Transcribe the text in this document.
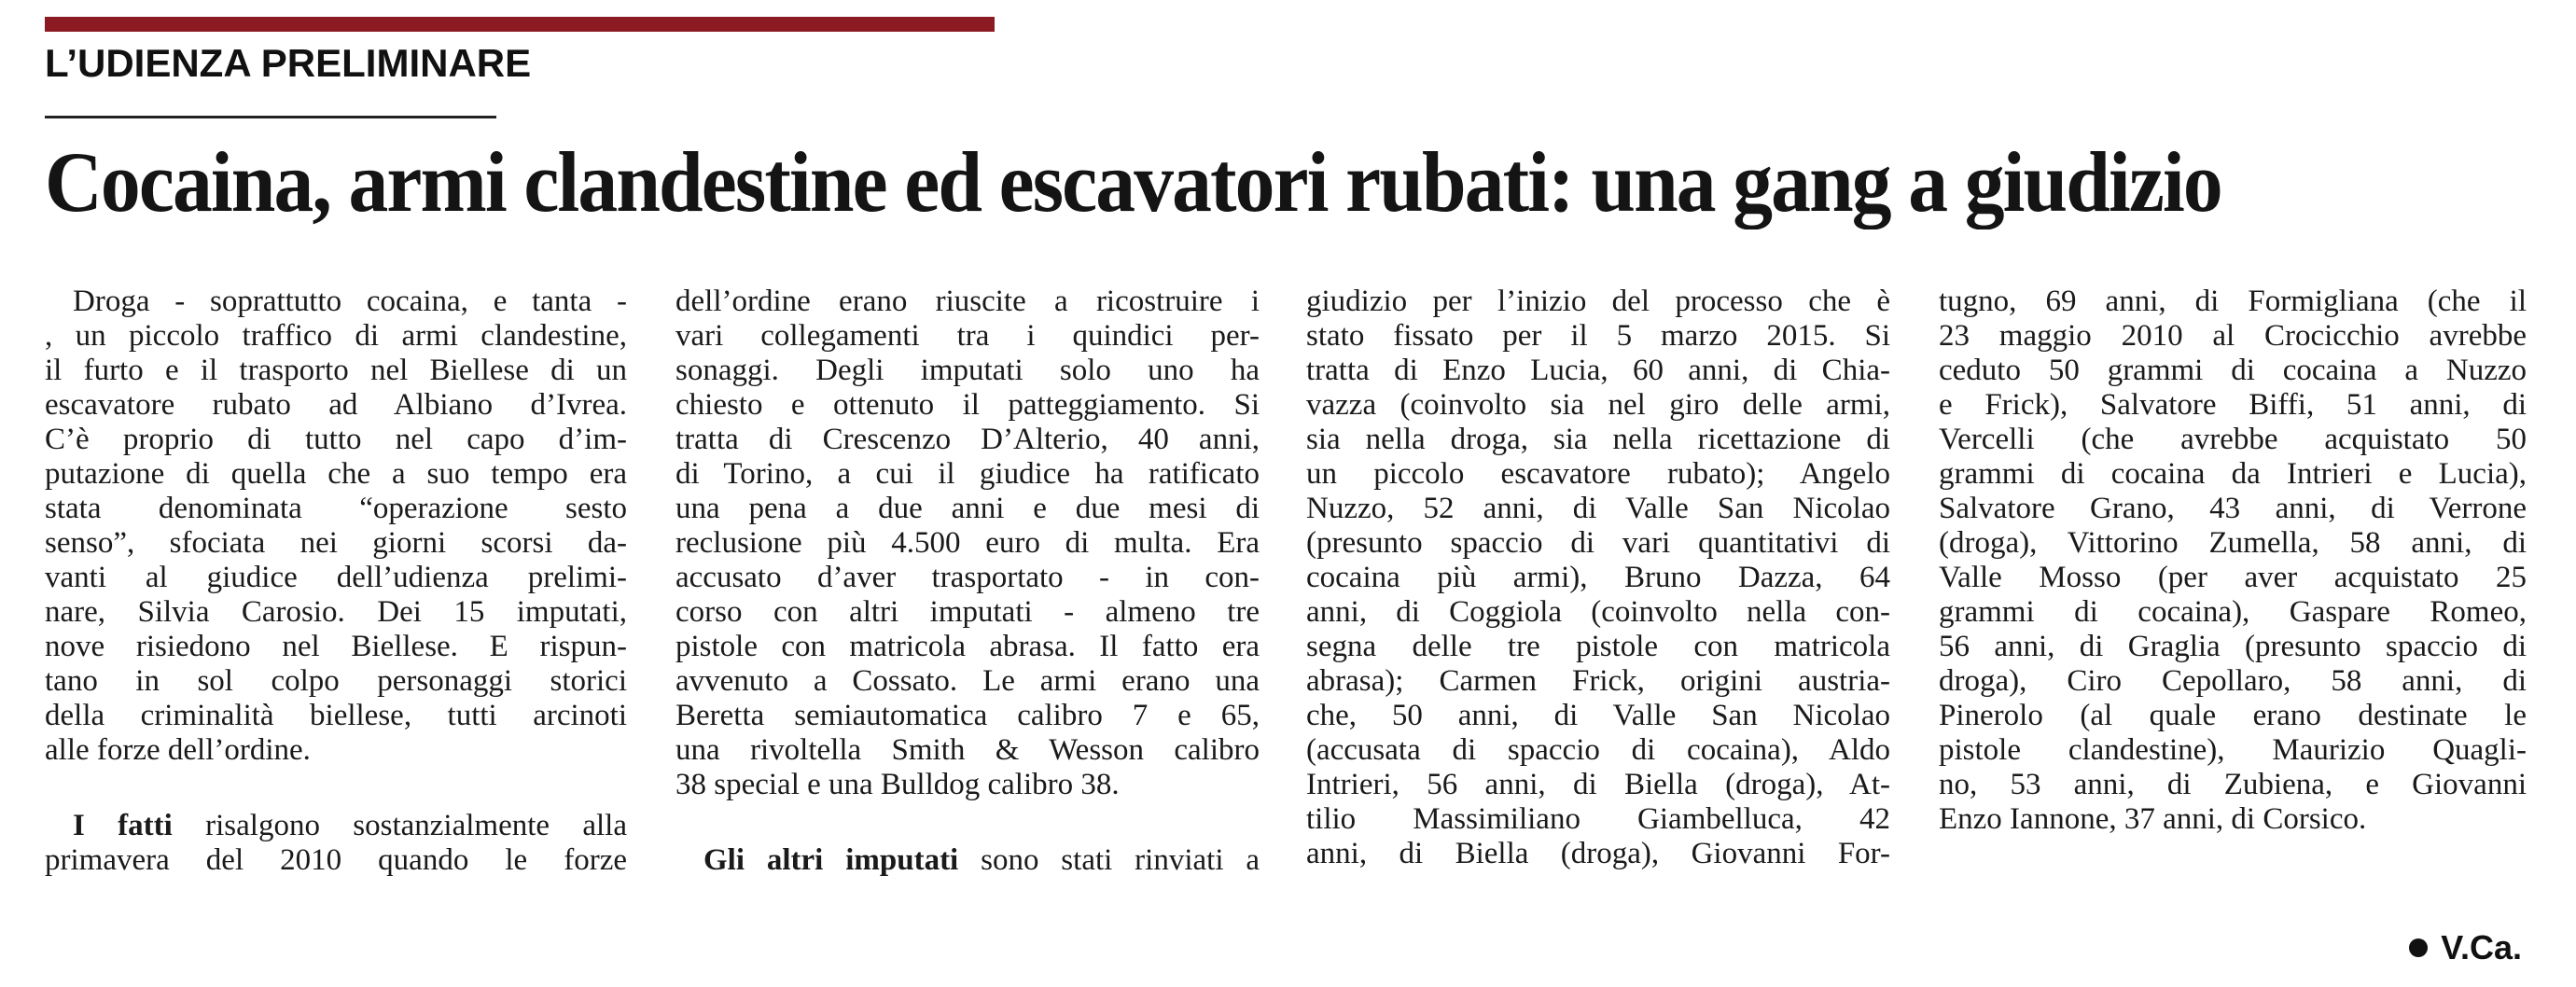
L’UDIENZA PRELIMINARE
Cocaina, armi clandestine ed escavatori rubati: una gang a giudizio
Droga - soprattutto cocaina, e tanta -
, un piccolo traffico di armi clandestine,
il furto e il trasporto nel Biellese di un
escavatore rubato ad Albiano d’Ivrea.
C’è proprio di tutto nel capo d’im-
putazione di quella che a suo tempo era
stata denominata “operazione sesto
senso”, sfociata nei giorni scorsi da-
vanti al giudice dell’udienza prelimi-
nare, Silvia Carosio. Dei 15 imputati,
nove risiedono nel Biellese. E rispun-
tano in sol colpo personaggi storici
della criminalità biellese, tutti arcinoti
alle forze dell’ordine.
I fatti risalgono sostanzialmente alla
primavera del 2010 quando le forze
dell’ordine erano riuscite a ricostruire i
vari collegamenti tra i quindici per-
sonaggi. Degli imputati solo uno ha
chiesto e ottenuto il patteggiamento. Si
tratta di Crescenzo D’Alterio, 40 anni,
di Torino, a cui il giudice ha ratificato
una pena a due anni e due mesi di
reclusione più 4.500 euro di multa. Era
accusato d’aver trasportato - in con-
corso con altri imputati - almeno tre
pistole con matricola abrasa. Il fatto era
avvenuto a Cossato. Le armi erano una
Beretta semiautomatica calibro 7 e 65,
una rivoltella Smith & Wesson calibro
38 special e una Bulldog calibro 38.
Gli altri imputati sono stati rinviati a
giudizio per l’inizio del processo che è
stato fissato per il 5 marzo 2015. Si
tratta di Enzo Lucia, 60 anni, di Chia-
vazza (coinvolto sia nel giro delle armi,
sia nella droga, sia nella ricettazione di
un piccolo escavatore rubato); Angelo
Nuzzo, 52 anni, di Valle San Nicolao
(presunto spaccio di vari quantitativi di
cocaina più armi), Bruno Dazza, 64
anni, di Coggiola (coinvolto nella con-
segna delle tre pistole con matricola
abrasa); Carmen Frick, origini austria-
che, 50 anni, di Valle San Nicolao
(accusata di spaccio di cocaina), Aldo
Intrieri, 56 anni, di Biella (droga), At-
tilio Massimiliano Giambelluca, 42
anni, di Biella (droga), Giovanni For-
tugno, 69 anni, di Formigliana (che il
23 maggio 2010 al Crocicchio avrebbe
ceduto 50 grammi di cocaina a Nuzzo
e Frick), Salvatore Biffi, 51 anni, di
Vercelli (che avrebbe acquistato 50
grammi di cocaina da Intrieri e Lucia),
Salvatore Grano, 43 anni, di Verrone
(droga), Vittorino Zumella, 58 anni, di
Valle Mosso (per aver acquistato 25
grammi di cocaina), Gaspare Romeo,
56 anni, di Graglia (presunto spaccio di
droga), Ciro Cepollaro, 58 anni, di
Pinerolo (al quale erano destinate le
pistole clandestine), Maurizio Quagli-
no, 53 anni, di Zubiena, e Giovanni
Enzo Iannone, 37 anni, di Corsico.
V.Ca.
